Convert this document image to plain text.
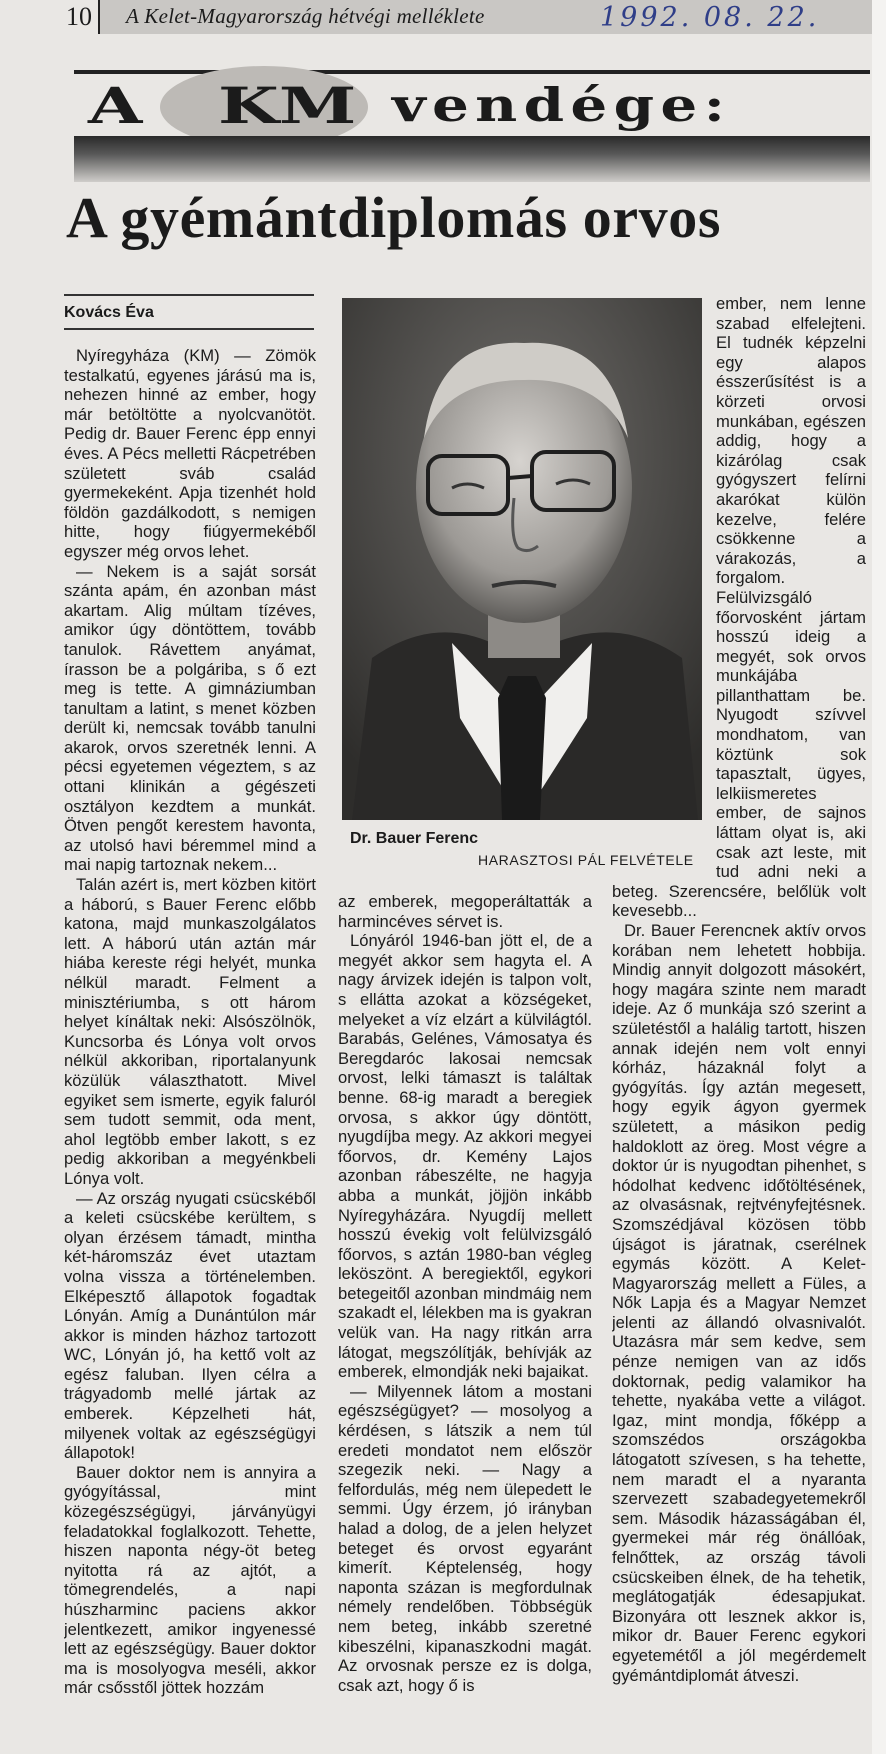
10 A Kelet-Magyarország hétvégi melléklete	1992. 08. 22.
A KM vendége:
A gyémántdiplomás orvos
Kovács Éva
Dr. Bauer Ferenc
HARASZTOSI PÁL FELVÉTELE

Nyíregyháza (KM) — Zömök testalkatú, egyenes járású ma is, nehezen hinné az ember, hogy már betöltötte a nyolcvanötöt. Pedig dr. Bauer Ferenc épp ennyi éves. A Pécs melletti Rácpetrében született sváb család gyermekeként. Apja tizenhét hold földön gazdálkodott, s nemigen hitte, hogy fiúgyermekéből egyszer még orvos lehet.

— Nekem is a saját sorsát szánta apám, én azonban mást akartam. Alig múltam tízéves, amikor úgy döntöttem, tovább tanulok. Rávettem anyámat, írasson be a polgáriba, s ő ezt meg is tette. A gimnáziumban tanultam a latint, s menet közben derült ki, nemcsak tovább tanulni akarok, orvos szeretnék lenni. A pécsi egyetemen végeztem, s az ottani klinikán a gégészeti osztályon kezdtem a munkát. Ötven pengőt kerestem havonta, az utolsó havi béremmel mind a mai napig tartoznak nekem...

Talán azért is, mert közben kitört a háború, s Bauer Ferenc előbb katona, majd munkaszolgálatos lett. A háború után aztán már hiába kereste régi helyét, munka nélkül maradt. Felment a minisztériumba, s ott három helyet kínáltak neki: Alsószölnök, Kuncsorba és Lónya volt orvos nélkül akkoriban, riportalanyunk közülük választhatott. Mivel egyiket sem ismerte, egyik faluról sem tudott semmit, oda ment, ahol legtöbb ember lakott, s ez pedig akkoriban a megyénkbeli Lónya volt.

— Az ország nyugati csücskéből a keleti csücskébe kerültem, s olyan érzésem támadt, mintha két-háromszáz évet utaztam volna vissza a történelemben. Elképesztő állapotok fogadtak Lónyán. Amíg a Dunántúlon már akkor is minden házhoz tartozott WC, Lónyán jó, ha kettő volt az egész faluban. Ilyen célra a trágyadomb mellé jártak az emberek. Képzelheti hát, milyenek voltak az egészségügyi állapotok!

Bauer doktor nem is annyira a gyógyítással, mint közegészségügyi, járványügyi feladatokkal foglalkozott. Tehette, hiszen naponta négy-öt beteg nyitotta rá az ajtót, a tömegrendelés, a napi húszharminc paciens akkor jelentkezett, amikor ingyenessé lett az egészségügy. Bauer doktor ma is mosolyogva meséli, akkor már csősstől jöttek hozzám

az emberek, megoperáltatták a harmincéves sérvet is.

Lónyáról 1946-ban jött el, de a megyét akkor sem hagyta el. A nagy árvizek idején is talpon volt, s ellátta azokat a községeket, melyeket a víz elzárt a külvilágtól. Barabás, Gelénes, Vámosatya és Beregdaróc lakosai nemcsak orvost, lelki támaszt is találtak benne. 68-ig maradt a beregiek orvosa, s akkor úgy döntött, nyugdíjba megy. Az akkori megyei főorvos, dr. Kemény Lajos azonban rábeszélte, ne hagyja abba a munkát, jöjjön inkább Nyíregyházára. Nyugdíj mellett hosszú évekig volt felülvizsgáló főorvos, s aztán 1980-ban végleg leköszönt. A beregiektől, egykori betegeitől azonban mindmáig nem szakadt el, lélekben ma is gyakran velük van. Ha nagy ritkán arra látogat, megszólítják, behívják az emberek, elmondják neki bajaikat.

— Milyennek látom a mostani egészségügyet? — mosolyog a kérdésen, s látszik a nem túl eredeti mondatot nem először szegezik neki. — Nagy a felfordulás, még nem ülepedett le semmi. Úgy érzem, jó irányban halad a dolog, de a jelen helyzet beteget és orvost egyaránt kimerít. Képtelenség, hogy naponta százan is megfordulnak némely rendelőben. Többségük nem beteg, inkább szeretné kibeszélni, kipanaszkodni magát. Az orvosnak persze ez is dolga, csak azt, hogy ő is

ember, nem lenne szabad elfelejteni. El tudnék képzelni egy alapos ésszerűsítést is a körzeti orvosi munkában, egészen addig, hogy a kizárólag csak gyógyszert felírni akarókat külön kezelve, felére csökkenne a várakozás, a forgalom. Felülvizsgáló főorvosként jártam hosszú ideig a megyét, sok orvos munkájába pillanthattam be. Nyugodt szívvel mondhatom, van köztünk sok tapasztalt, ügyes, lelkiismeretes ember, de sajnos láttam olyat is, aki csak azt leste, mit tud adni neki a beteg. Szerencsére, belőlük volt kevesebb...

Dr. Bauer Ferencnek aktív orvos korában nem lehetett hobbija. Mindig annyit dolgozott másokért, hogy magára szinte nem maradt ideje. Az ő munkája szó szerint a születéstől a halálig tartott, hiszen annak idején nem volt ennyi kórház, házaknál folyt a gyógyítás. Így aztán megesett, hogy egyik ágyon gyermek született, a másikon pedig haldoklott az öreg. Most végre a doktor úr is nyugodtan pihenhet, s hódolhat kedvenc időtöltésének, az olvasásnak, rejtvényfejtésnek. Szomszédjával közösen több újságot is járatnak, cserélnek egymás között. A Kelet-Magyarország mellett a Füles, a Nők Lapja és a Magyar Nemzet jelenti az állandó olvasnivalót. Utazásra már sem kedve, sem pénze nemigen van az idős doktornak, pedig valamikor ha tehette, nyakába vette a világot. Igaz, mint mondja, főképp a szomszédos országokba látogatott szívesen, s ha tehette, nem maradt el a nyaranta szervezett szabadegyetemekről sem. Második házasságában él, gyermekei már rég önállóak, felnőttek, az ország távoli csücskeiben élnek, de ha tehetik, meglátogatják édesapjukat. Bizonyára ott lesznek akkor is, mikor dr. Bauer Ferenc egykori egyetemétől a jól megérdemelt gyémántdiplomát átveszi.
